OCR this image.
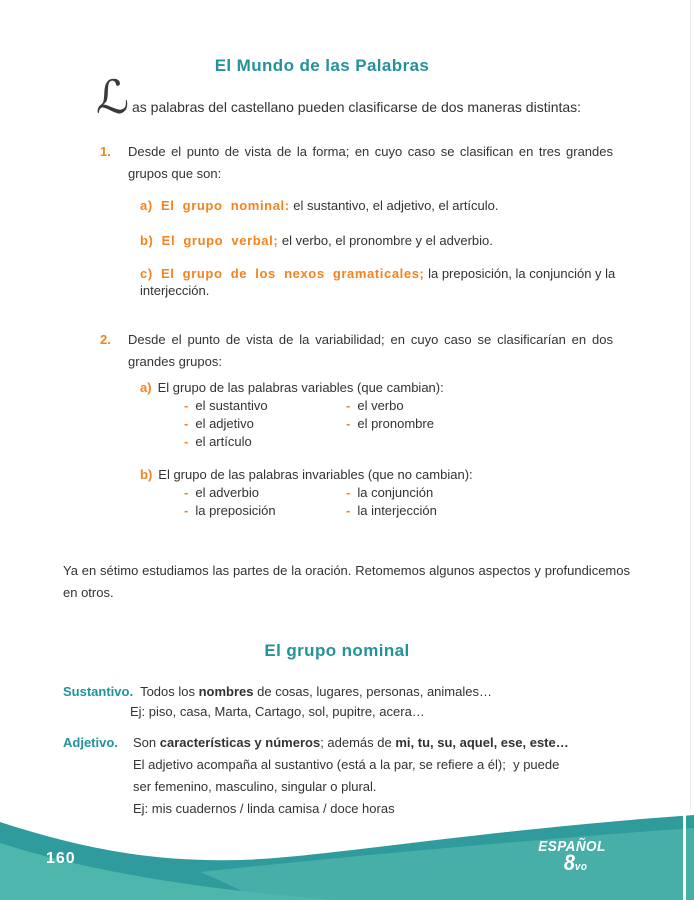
El Mundo de las Palabras
ℒ as palabras del castellano pueden clasificarse de dos maneras distintas:
1. Desde el punto de vista de la forma; en cuyo caso se clasifican en tres grandes grupos que son:
a) El grupo nominal: el sustantivo, el adjetivo, el artículo.
b) El grupo verbal; el verbo, el pronombre y el adverbio.
c) El grupo de los nexos gramaticales; la preposición, la conjunción y la interjección.
2. Desde el punto de vista de la variabilidad; en cuyo caso se clasificarían en dos grandes grupos:
a) El grupo de las palabras variables (que cambian):
- el sustantivo	- el verbo
- el adjetivo	- el pronombre
- el artículo
b) El grupo de las palabras invariables (que no cambian):
- el adverbio	- la conjunción
- la preposición	- la interjección
Ya en sétimo estudiamos las partes de la oración. Retomemos algunos aspectos y profundicemos en otros.
El grupo nominal
Sustantivo.  Todos los nombres de cosas, lugares, personas, animales…
Ej: piso, casa, Marta, Cartago, sol, pupitre, acera…
Adjetivo. Son características y números; además de mi, tu, su, aquel, ese, este…  El adjetivo acompaña al sustantivo (está a la par, se refiere a él);  y puede ser femenino, masculino, singular o plural.
Ej: mis cuadernos / linda camisa / doce horas
160
ESPAÑOL
8vo
